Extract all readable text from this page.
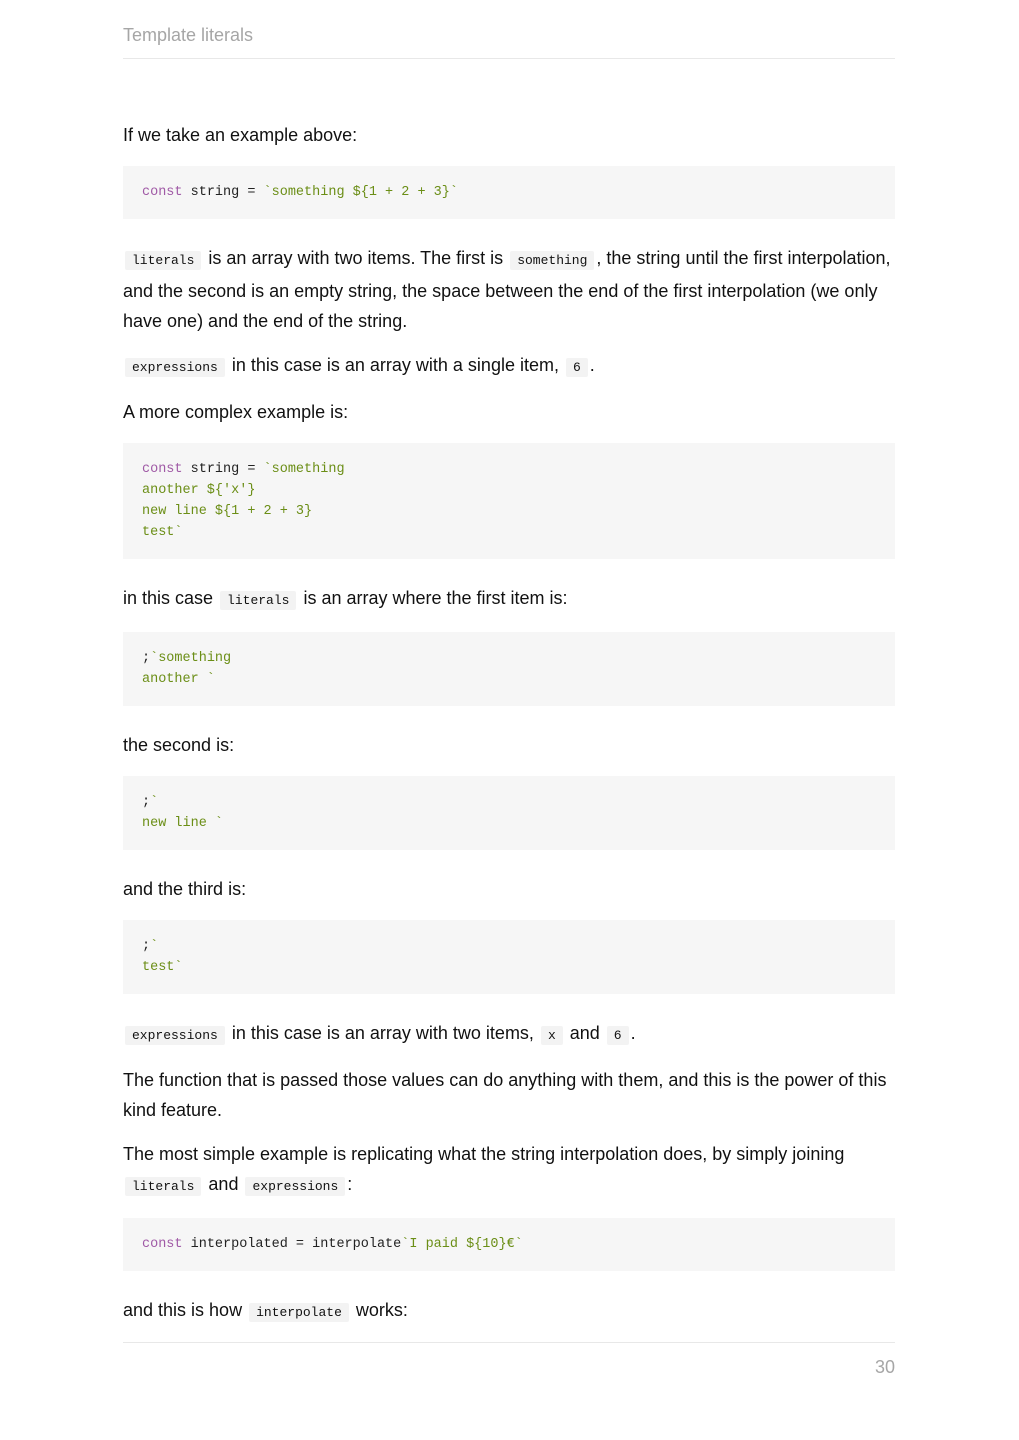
Template literals

If we take an example above:

const string = `something ${1 + 2 + 3}`

literals is an array with two items. The first is something , the string until the first interpolation, and the second is an empty string, the space between the end of the first interpolation (we only have one) and the end of the string.

expressions in this case is an array with a single item, 6 .

A more complex example is:

const string = `something
another ${'x'}
new line ${1 + 2 + 3}
test`

in this case literals is an array where the first item is:

;`something
another `

the second is:

;`
new line `

and the third is:

;`
test`

expressions in this case is an array with two items, x and 6 .

The function that is passed those values can do anything with them, and this is the power of this kind feature.

The most simple example is replicating what the string interpolation does, by simply joining literals and expressions :

const interpolated = interpolate`I paid ${10}€`

and this is how interpolate works:

30
